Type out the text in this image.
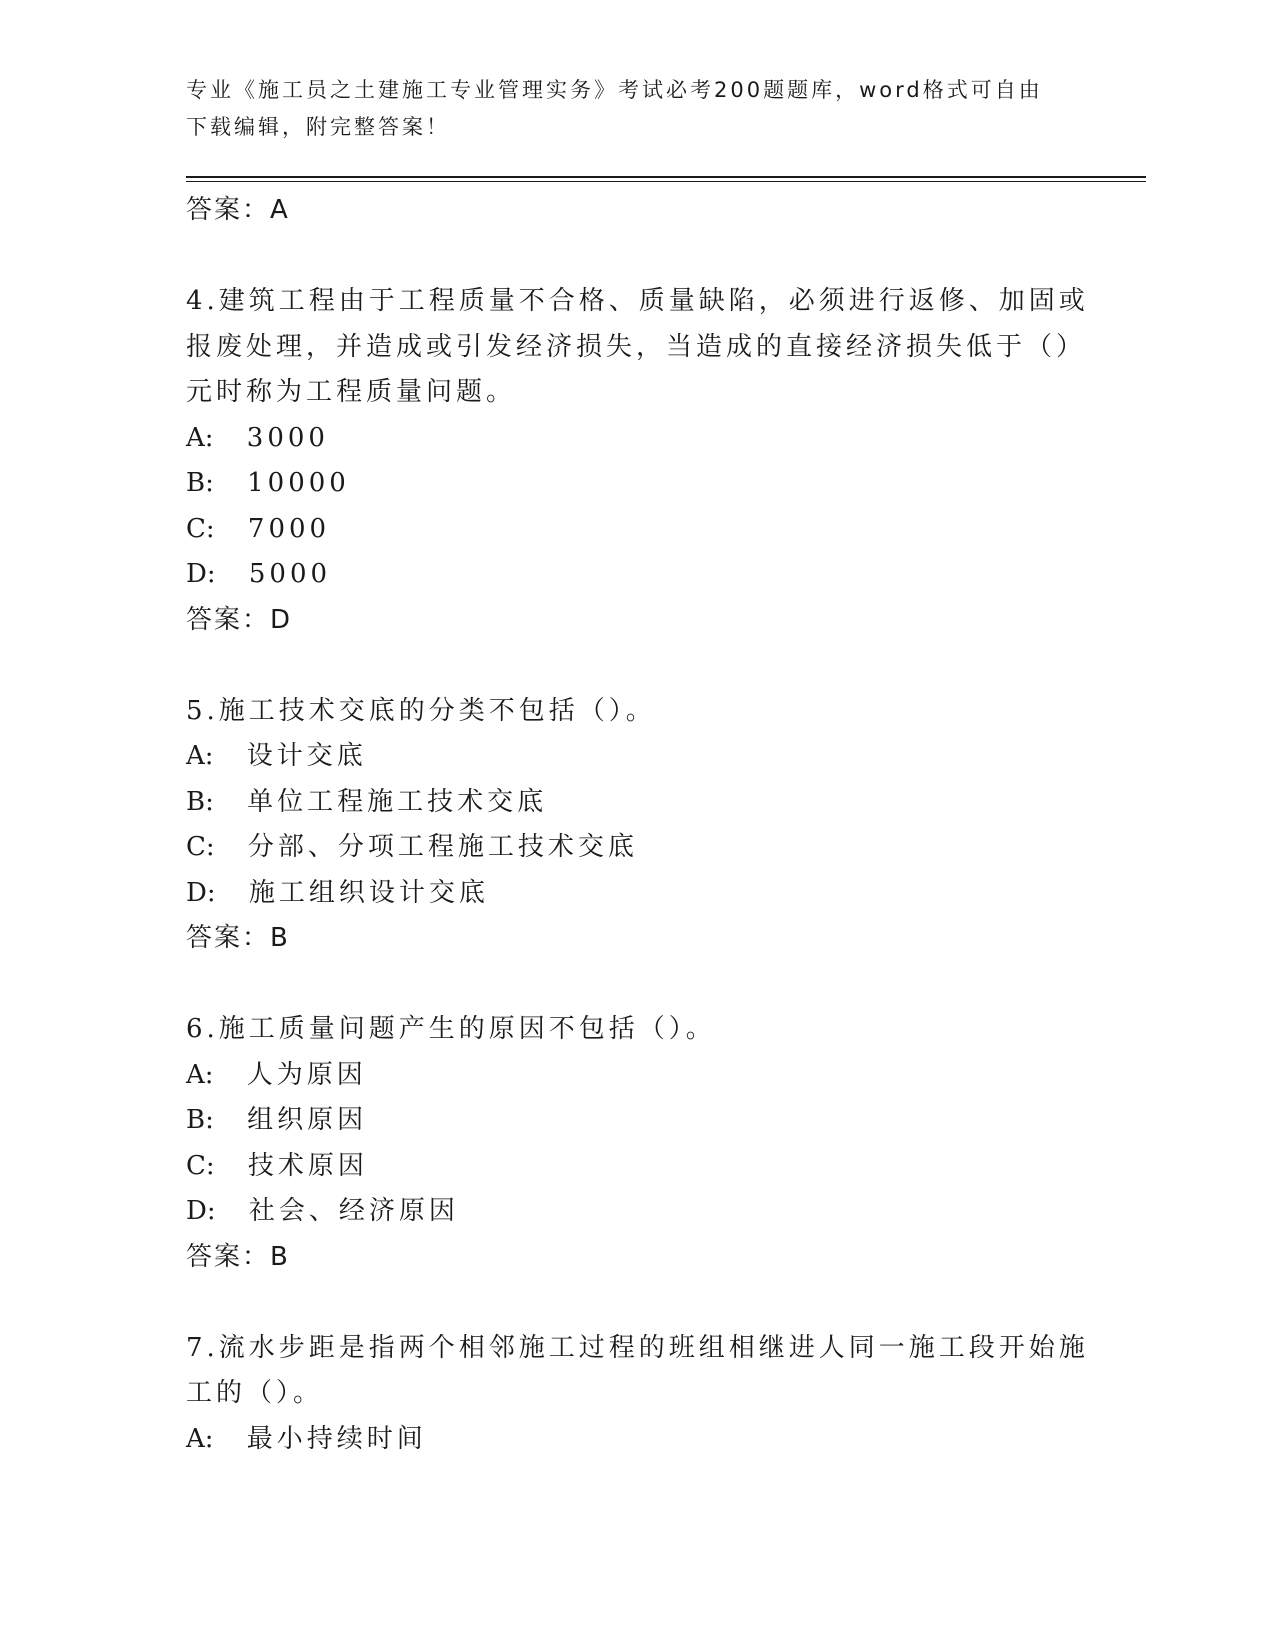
专业《施工员之土建施工专业管理实务》考试必考200题题库，word格式可自由
下载编辑，附完整答案！
答案：A
4.建筑工程由于工程质量不合格、质量缺陷，必须进行返修、加固或
报废处理，并造成或引发经济损失，当造成的直接经济损失低于（）
元时称为工程质量问题。
A: 3000
B: 10000
C: 7000
D: 5000
答案：D
5.施工技术交底的分类不包括（）。
A: 设计交底
B: 单位工程施工技术交底
C: 分部、分项工程施工技术交底
D: 施工组织设计交底
答案：B
6.施工质量问题产生的原因不包括（）。
A: 人为原因
B: 组织原因
C: 技术原因
D: 社会、经济原因
答案：B
7.流水步距是指两个相邻施工过程的班组相继进人同一施工段开始施
工的（）。
A: 最小持续时间
